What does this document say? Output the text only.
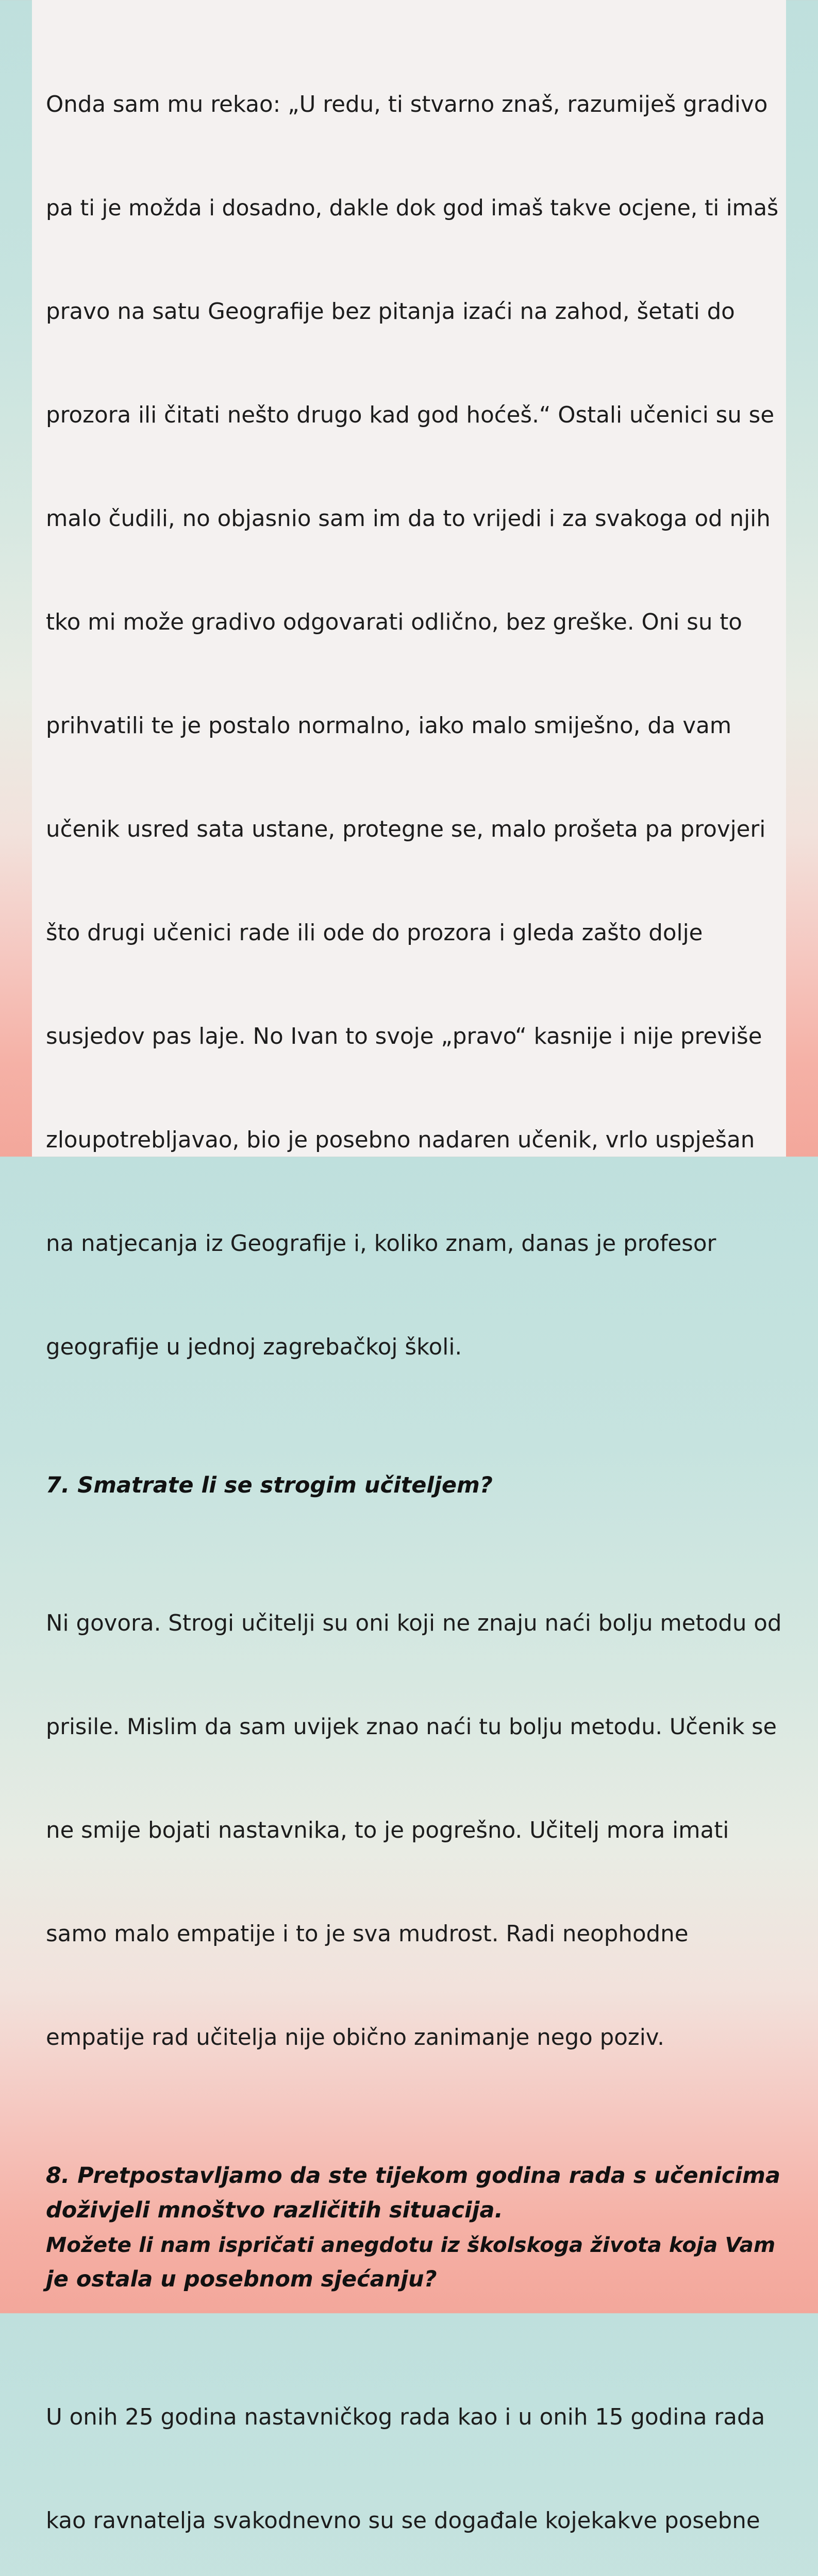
Onda sam mu rekao: „U redu, ti stvarno znaš, razumiješ gradivo

pa ti je možda i dosadno, dakle dok god imaš takve ocjene, ti imaš

pravo na satu Geografije bez pitanja izaći na zahod, šetati do

prozora ili čitati nešto drugo kad god hoćeš.“ Ostali učenici su se

malo čudili, no objasnio sam im da to vrijedi i za svakoga od njih

tko mi može gradivo odgovarati odlično, bez greške. Oni su to

prihvatili te je postalo normalno, iako malo smiješno, da vam

učenik usred sata ustane, protegne se, malo prošeta pa provjeri

što drugi učenici rade ili ode do prozora i gleda zašto dolje

susjedov pas laje. No Ivan to svoje „pravo“ kasnije i nije previše

zloupotrebljavao, bio je posebno nadaren učenik, vrlo uspješan

na natjecanja iz Geografije i, koliko znam, danas je profesor

geografije u jednoj zagrebačkoj školi.

7. Smatrate li se strogim učiteljem?

Ni govora. Strogi učitelji su oni koji ne znaju naći bolju metodu od

prisile. Mislim da sam uvijek znao naći tu bolju metodu. Učenik se

ne smije bojati nastavnika, to je pogrešno. Učitelj mora imati

samo malo empatije i to je sva mudrost. Radi neophodne

empatije rad učitelja nije obično zanimanje nego poziv.

8. Pretpostavljamo da ste tijekom godina rada s učenicima
doživjeli mnoštvo različitih situacija.
Možete li nam ispričati anegdotu iz školskoga života koja Vam
je ostala u posebnom sjećanju?

U onih 25 godina nastavničkog rada kao i u onih 15 godina rada

kao ravnatelja svakodnevno su se događale kojekakve posebne
